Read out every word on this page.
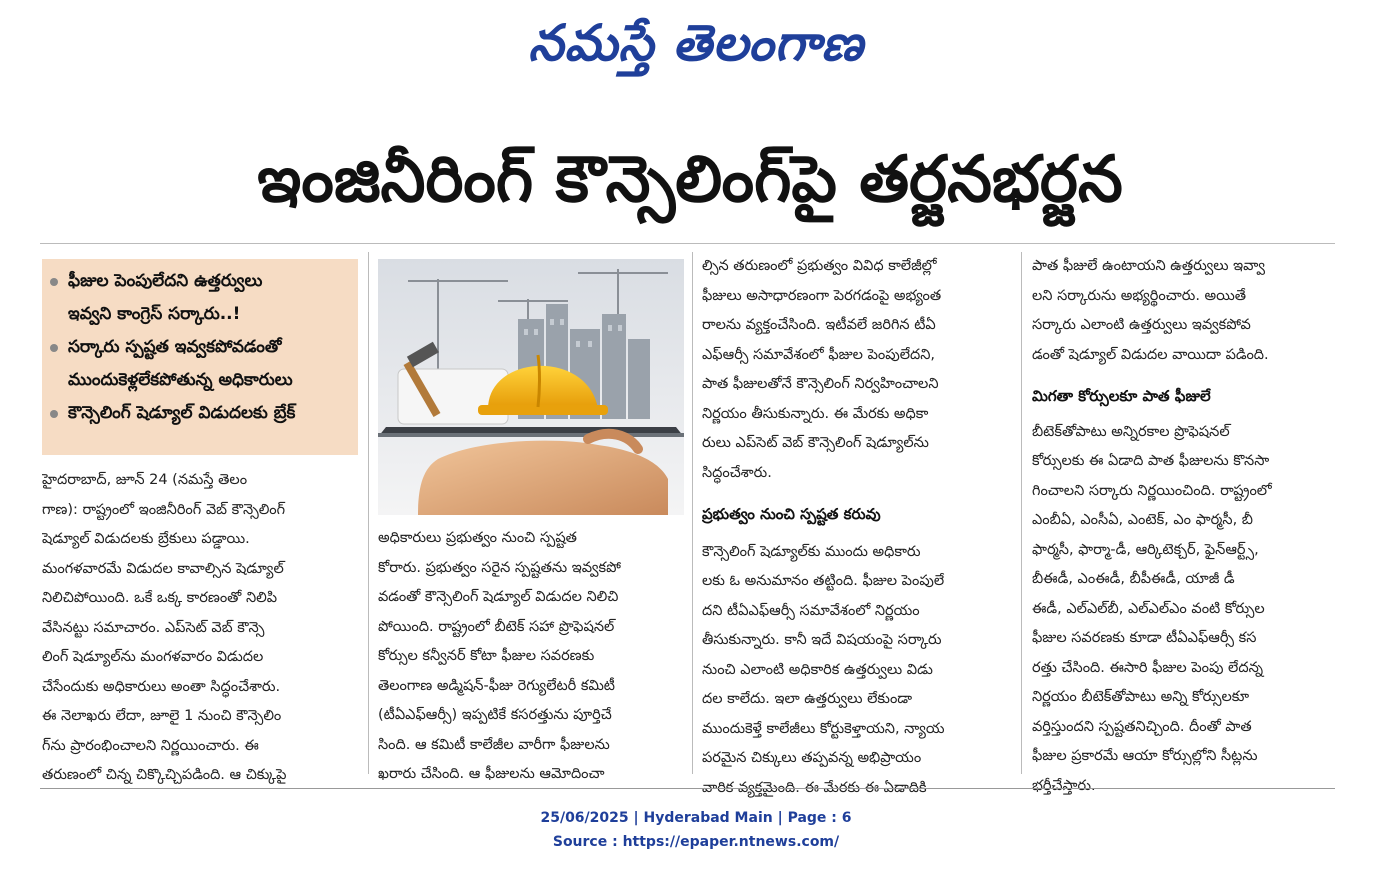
నమస్తే తెలంగాణ
ఇంజినీరింగ్ కౌన్సెలింగ్‌పై తర్జనభర్జన
ఫీజుల పెంపులేదని ఉత్తర్వులు
ఇవ్వని కాంగ్రెస్ సర్కారు..!
సర్కారు స్పష్టత ఇవ్వకపోవడంతో
ముందుకెళ్లలేకపోతున్న అధికారులు
కౌన్సెలింగ్ షెడ్యూల్ విడుదలకు బ్రేక్
హైదరాబాద్, జూన్ 24 (నమస్తే తెలం
గాణ): రాష్ట్రంలో ఇంజినీరింగ్ వెబ్ కౌన్సెలింగ్
షెడ్యూల్ విడుదలకు బ్రేకులు పడ్డాయి.
మంగళవారమే విడుదల కావాల్సిన షెడ్యూల్
నిలిచిపోయింది. ఒకే ఒక్క కారణంతో నిలిపి
వేసినట్టు సమాచారం. ఎప్‌సెట్ వెబ్ కౌన్సె
లింగ్ షెడ్యూల్‌ను మంగళవారం విడుదల
చేసేందుకు అధికారులు అంతా సిద్ధంచేశారు.
ఈ నెలాఖరు లేదా, జూలై 1 నుంచి కౌన్సెలిం
గ్‌ను ప్రారంభించాలని నిర్ణయించారు. ఈ
తరుణంలో చిన్న చిక్కొచ్చిపడింది. ఆ చిక్కుపై
అధికారులు ప్రభుత్వం నుంచి స్పష్టత
కోరారు. ప్రభుత్వం సరైన స్పష్టతను ఇవ్వకపో
వడంతో కౌన్సెలింగ్ షెడ్యూల్ విడుదల నిలిచి
పోయింది. రాష్ట్రంలో బీటెక్ సహా ప్రొఫెషనల్
కోర్సుల కన్వీనర్ కోటా ఫీజుల సవరణకు
తెలంగాణ అడ్మిషన్-ఫీజు రెగ్యులేటరీ కమిటీ
(టీఏఎఫ్‌ఆర్సీ) ఇప్పటికే కసరత్తును పూర్తిచే
సింది. ఆ కమిటీ కాలేజీల వారీగా ఫీజులను
ఖరారు చేసింది. ఆ ఫీజులను ఆమోదించా
ల్సిన తరుణంలో ప్రభుత్వం వివిధ కాలేజీల్లో
ఫీజులు అసాధారణంగా పెరగడంపై అభ్యంత
రాలను వ్యక్తంచేసింది. ఇటీవలే జరిగిన టీఏ
ఎఫ్‌ఆర్సీ సమావేశంలో ఫీజుల పెంపులేదని,
పాత ఫీజులతోనే కౌన్సెలింగ్ నిర్వహించాలని
నిర్ణయం తీసుకున్నారు. ఈ మేరకు అధికా
రులు ఎప్‌సెట్ వెబ్ కౌన్సెలింగ్ షెడ్యూల్‌ను
సిద్ధంచేశారు.
ప్రభుత్వం నుంచి స్పష్టత కరువు
కౌన్సెలింగ్ షెడ్యూల్‌కు ముందు అధికారు
లకు ఓ అనుమానం తట్టింది. ఫీజుల పెంపులే
దని టీఏఎఫ్‌ఆర్సీ సమావేశంలో నిర్ణయం
తీసుకున్నారు. కానీ ఇదే విషయంపై సర్కారు
నుంచి ఎలాంటి అధికారిక ఉత్తర్వులు విడు
దల కాలేదు. ఇలా ఉత్తర్వులు లేకుండా
ముందుకెళ్తే కాలేజీలు కోర్టుకెళ్తాయని, న్యాయ
పరమైన చిక్కులు తప్పవన్న అభిప్రాయం
వారిక వ్యక్తమైంది. ఈ మేరకు ఈ ఏడాదికి
పాత ఫీజులే ఉంటాయని ఉత్తర్వులు ఇవ్వా
లని సర్కారును అభ్యర్థించారు. అయితే
సర్కారు ఎలాంటి ఉత్తర్వులు ఇవ్వకపోవ
డంతో షెడ్యూల్ విడుదల వాయిదా పడింది.
మిగతా కోర్సులకూ పాత ఫీజులే
బీటెక్‌తోపాటు అన్నిరకాల ప్రొఫెషనల్
కోర్సులకు ఈ ఏడాది పాత ఫీజులను కొనసా
గించాలని సర్కారు నిర్ణయించింది. రాష్ట్రంలో
ఎంబీఏ, ఎంసీఏ, ఎంటెక్, ఎం ఫార్మసీ, బీ
ఫార్మసీ, ఫార్మా-డీ, ఆర్కిటెక్చర్, ఫైన్‌ఆర్ట్స్,
బీఈడీ, ఎంఈడీ, బీపీఈడీ, యాజీ డీ
ఈడీ, ఎల్‌ఎల్‌బీ, ఎల్‌ఎల్‌ఎం వంటి కోర్సుల
ఫీజుల సవరణకు కూడా టీఏఎఫ్‌ఆర్సీ కస
రత్తు చేసింది. ఈసారి ఫీజుల పెంపు లేదన్న
నిర్ణయం బీటెక్‌తోపాటు అన్ని కోర్సులకూ
వర్తిస్తుందని స్పష్టతనిచ్చింది. దీంతో పాత
ఫీజుల ప్రకారమే ఆయా కోర్సుల్లోని సీట్లను
భర్తీచేస్తారు.
25/06/2025 | Hyderabad Main | Page : 6
Source : https://epaper.ntnews.com/
